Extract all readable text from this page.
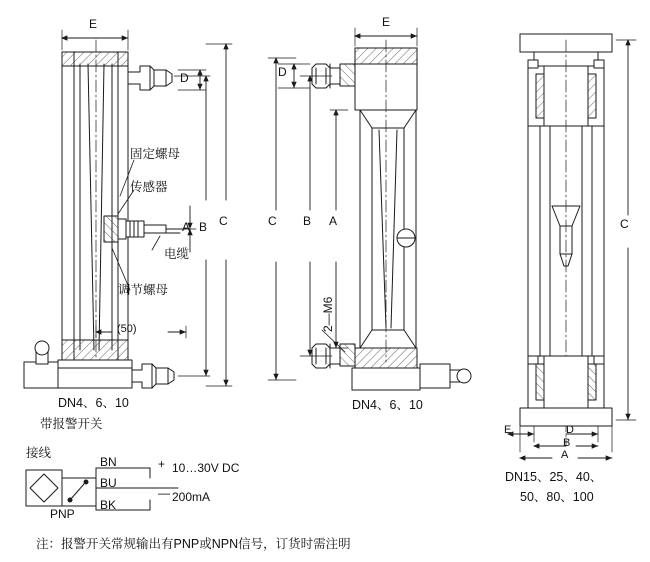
E
D
A B C
(50)
固定螺母
传感器
电缆
调节螺母
DN4、6、10
带报警开关
E
D
A
B
C
2—M6
DN4、6、10
C
E	D
B
A
DN15、25、40、
50、80、100
接线
BN
BU
BK
PNP
+
—
10…30V DC
200mA
注：报警开关常规输出有PNP或NPN信号，订货时需注明
